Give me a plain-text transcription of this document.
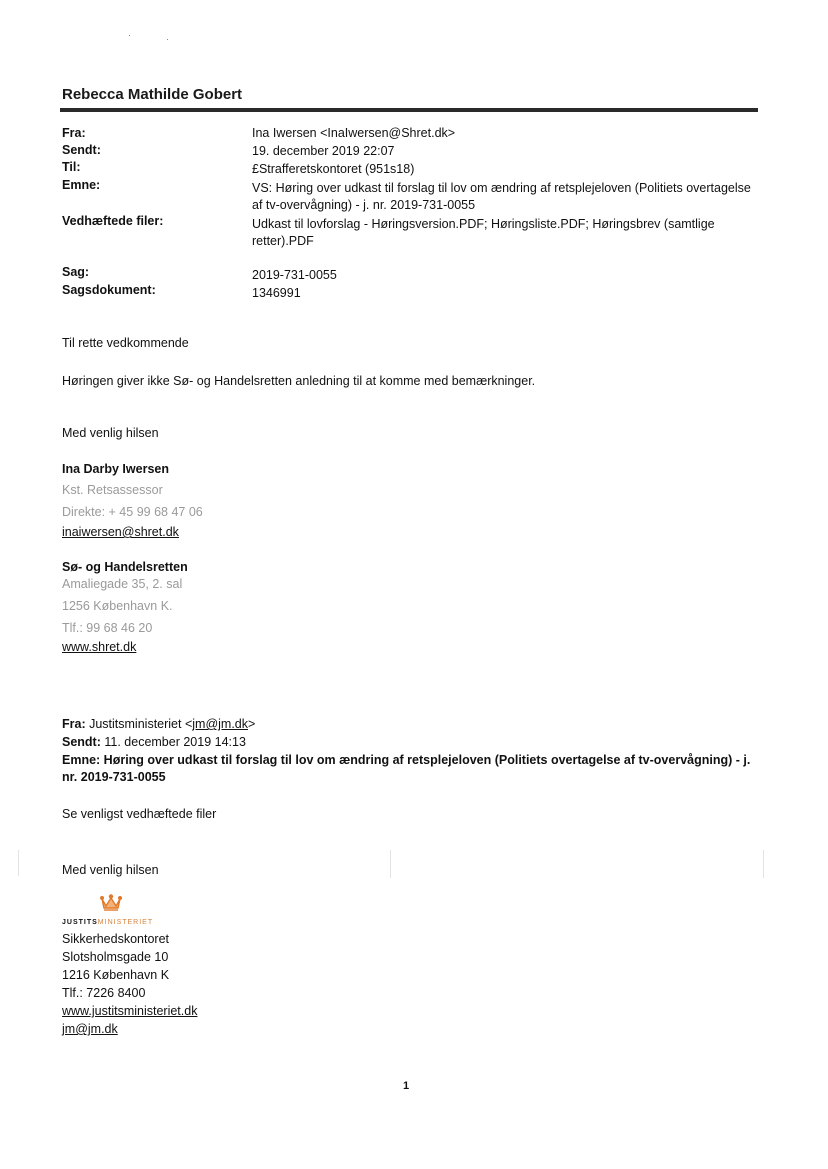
·	·
Rebecca Mathilde Gobert
Fra:	Ina Iwersen <InaIwersen@Shret.dk>
Sendt:	19. december 2019 22:07
Til:	£Strafferetskontoret (951s18)
Emne:	VS: Høring over udkast til forslag til lov om ændring af retsplejeloven (Politiets overtagelse af tv-overvågning) - j. nr. 2019-731-0055
Vedhæftede filer:	Udkast til lovforslag - Høringsversion.PDF; Høringsliste.PDF; Høringsbrev (samtlige retter).PDF
Sag:	2019-731-0055
Sagsdokument:	1346991
Til rette vedkommende
Høringen giver ikke Sø- og Handelsretten anledning til at komme med bemærkninger.
Med venlig hilsen
Ina Darby Iwersen
Kst. Retsassessor
Direkte: + 45 99 68 47 06
inaiwersen@shret.dk
Sø- og Handelsretten
Amaliegade 35, 2. sal
1256 København K.
Tlf.: 99 68 46 20
www.shret.dk
Fra: Justitsministeriet <jm@jm.dk>
Sendt: 11. december 2019 14:13
Emne: Høring over udkast til forslag til lov om ændring af retsplejeloven (Politiets overtagelse af tv-overvågning) - j. nr. 2019-731-0055
Se venligst vedhæftede filer
Med venlig hilsen
JUSTITSMINISTERIET
Sikkerhedskontoret
Slotsholmsgade 10
1216 København K
Tlf.: 7226 8400
www.justitsministeriet.dk
jm@jm.dk
1
